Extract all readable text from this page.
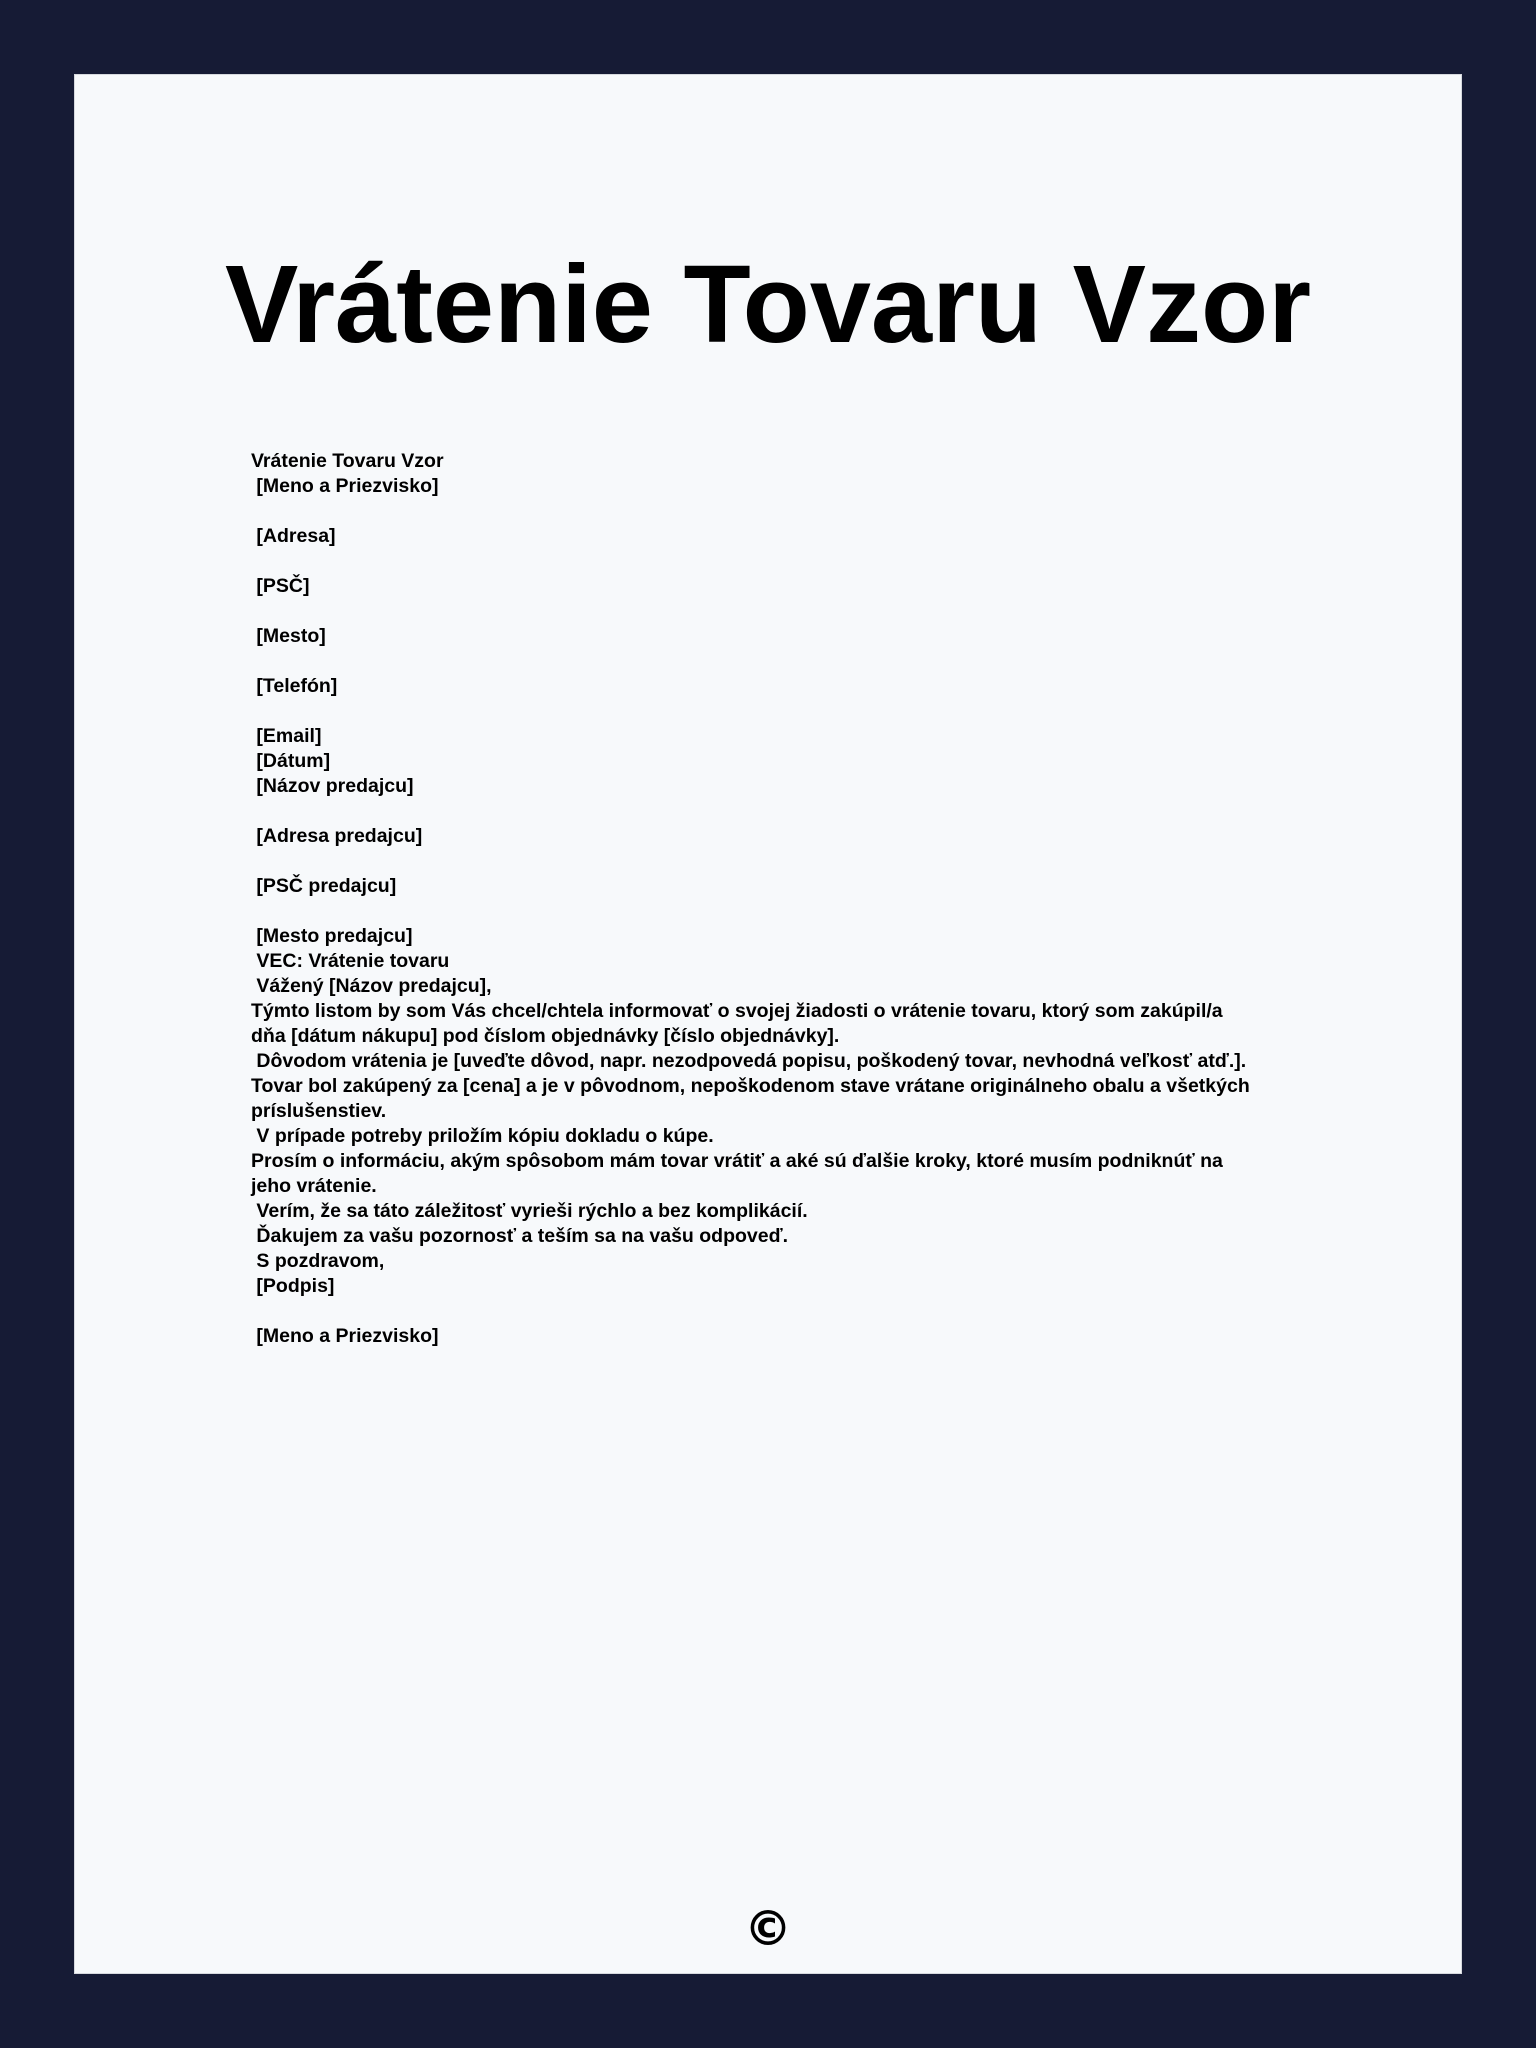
Vrátenie Tovaru Vzor
Vrátenie Tovaru Vzor
[Meno a Priezvisko]
[Adresa]
[PSČ]
[Mesto]
[Telefón]
[Email]
[Dátum]
[Názov predajcu]
[Adresa predajcu]
[PSČ predajcu]
[Mesto predajcu]
VEC: Vrátenie tovaru
Vážený [Názov predajcu],
Týmto listom by som Vás chcel/chtela informovať o svojej žiadosti o vrátenie tovaru, ktorý som zakúpil/a
dňa [dátum nákupu] pod číslom objednávky [číslo objednávky].
Dôvodom vrátenia je [uveďte dôvod, napr. nezodpovedá popisu, poškodený tovar, nevhodná veľkosť atď.].
Tovar bol zakúpený za [cena] a je v pôvodnom, nepoškodenom stave vrátane originálneho obalu a všetkých
príslušenstiev.
V prípade potreby priložím kópiu dokladu o kúpe.
Prosím o informáciu, akým spôsobom mám tovar vrátiť a aké sú ďalšie kroky, ktoré musím podniknúť na
jeho vrátenie.
Verím, že sa táto záležitosť vyrieši rýchlo a bez komplikácií.
Ďakujem za vašu pozornosť a teším sa na vašu odpoveď.
S pozdravom,
[Podpis]
[Meno a Priezvisko]
©
